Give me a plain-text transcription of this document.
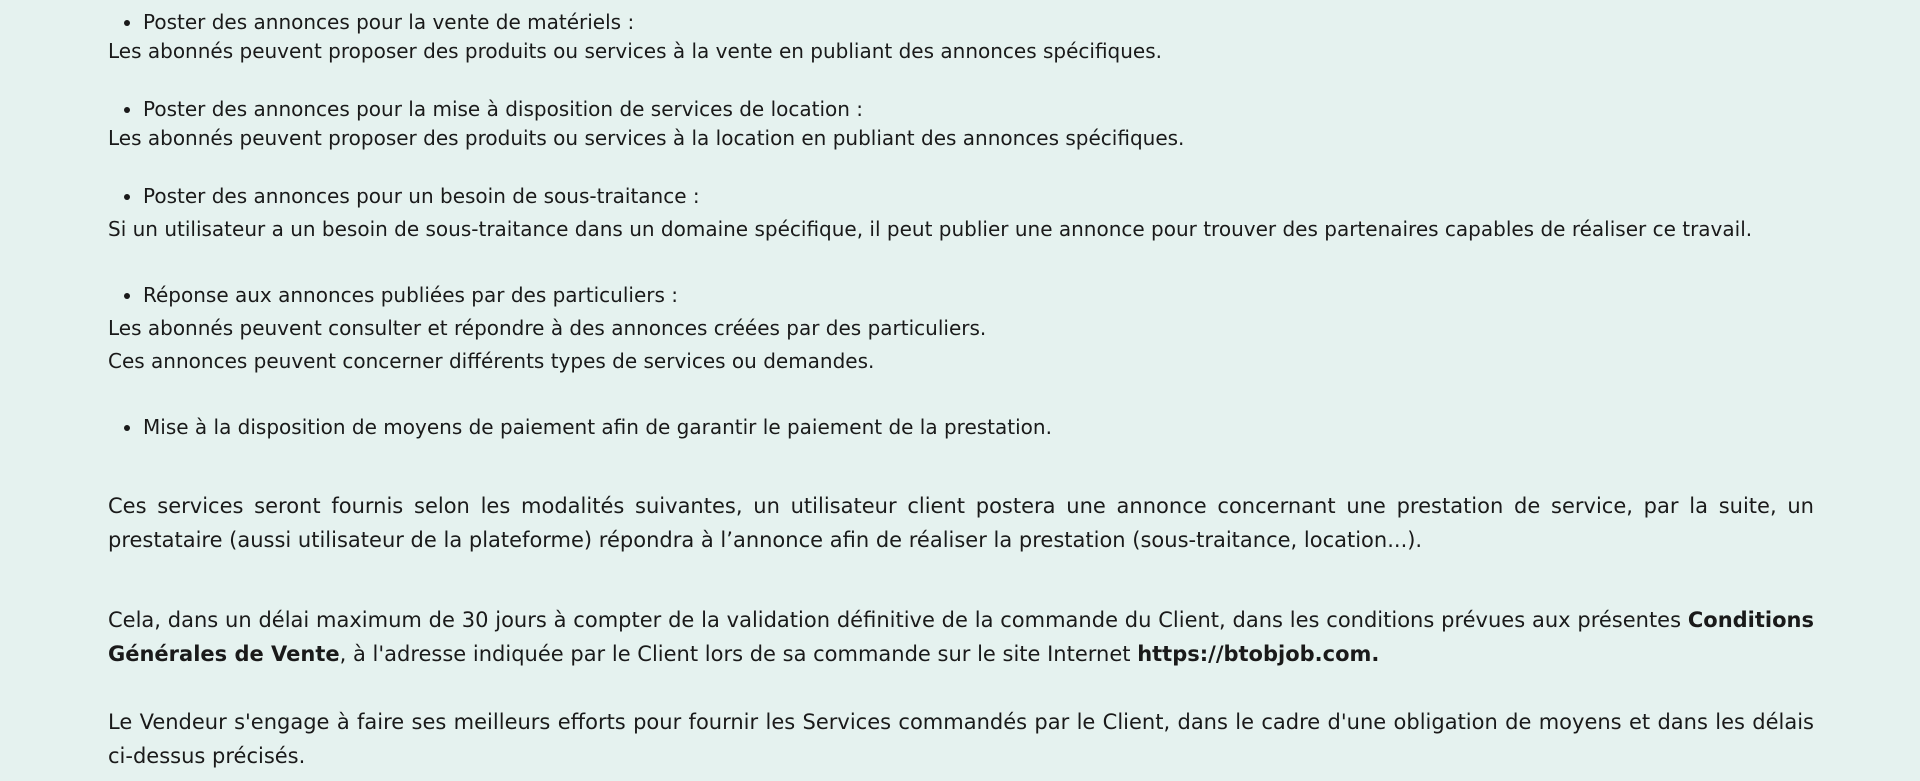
Poster des annonces pour la vente de matériels :
Les abonnés peuvent proposer des produits ou services à la vente en publiant des annonces spécifiques.
Poster des annonces pour la mise à disposition de services de location :
Les abonnés peuvent proposer des produits ou services à la location en publiant des annonces spécifiques.
Poster des annonces pour un besoin de sous-traitance :
Si un utilisateur a un besoin de sous-traitance dans un domaine spécifique, il peut publier une annonce pour trouver des partenaires capables de réaliser ce travail.
Réponse aux annonces publiées par des particuliers :
Les abonnés peuvent consulter et répondre à des annonces créées par des particuliers.
Ces annonces peuvent concerner différents types de services ou demandes.
Mise à la disposition de moyens de paiement afin de garantir le paiement de la prestation.

Ces services seront fournis selon les modalités suivantes, un utilisateur client postera une annonce concernant une prestation de service, par la suite, un prestataire (aussi utilisateur de la plateforme) répondra à l’annonce afin de réaliser la prestation (sous-traitance, location...).

Cela, dans un délai maximum de 30 jours à compter de la validation définitive de la commande du Client, dans les conditions prévues aux présentes Conditions Générales de Vente, à l'adresse indiquée par le Client lors de sa commande sur le site Internet https://btobjob.com.

Le Vendeur s'engage à faire ses meilleurs efforts pour fournir les Services commandés par le Client, dans le cadre d'une obligation de moyens et dans les délais ci-dessus précisés.
